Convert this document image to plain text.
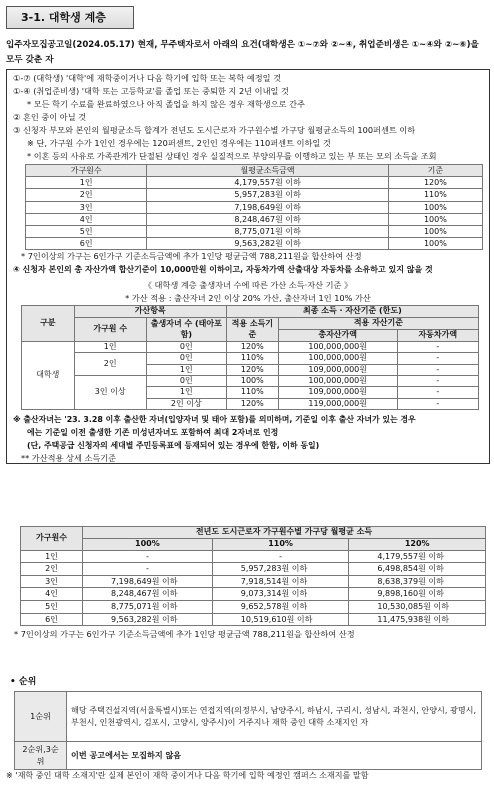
3-1. 대학생 계층
입주자모집공고일(2024.05.17) 현재, 무주택자로서 아래의 요건(대학생은 ①~⑦와 ②~④, 취업준비생은 ①~④와 ②~⑥)을 모두 갖춘 자
①-⑦ (대학생) '대학'에 재학중이거나 다음 학기에 입학 또는 복학 예정일 것
①-④ (취업준비생) '대학 또는 고등학교'를 졸업 또는 중퇴한 지 2년 이내일 것
* 모든 학기 수료를 완료하였으나 아직 졸업을 하지 않은 경우 재학생으로 간주
② 혼인 중이 아닐 것
③ 신청자 부모와 본인의 월평균소득 합계가 전년도 도시근로자 가구원수별 가구당 월평균소득의 100퍼센트 이하
※ 단, 가구원 수가 1인인 경우에는 120퍼센트, 2인인 경우에는 110퍼센트 이하일 것
* 이혼 등의 사유로 가족관계가 단절된 상태인 경우 실질적으로 부양의무를 이행하고 있는 부 또는 모의 소득을 조회
가구원수	월평균소득금액	기준
1인	4,179,557원 이하	120%
2인	5,957,283원 이하	110%
3인	7,198,649원 이하	100%
4인	8,248,467원 이하	100%
5인	8,775,071원 이하	100%
6인	9,563,282원 이하	100%
* 7인이상의 가구는 6인가구 기준소득금액에 추가 1인당 평균금액 788,211원을 합산하여 산정
④ 신청자 본인의 총 자산가액 합산기준이 10,000만원 이하이고, 자동차가액 산출대상 자동차를 소유하고 있지 않을 것
《 대학생 계층 출생자녀 수에 따른 가산 소득·자산 기준 》
* 가산 적용 : 출산자녀 2인 이상 20% 가산, 출산자녀 1인 10% 가산
구분	가산항목		최종 소득 · 자산기준 (한도)		
	가구원 수	출생자녀 수 (태아포함)	적용 소득기준	적용 자산기준	
				총자산가액	자동차가액
대학생	1인	0인	120%	100,000,000원	-
	2인	0인	110%	100,000,000원	-
		1인	120%	109,000,000원	-
	3인 이상	0인	100%	100,000,000원	-
		1인	110%	109,000,000원	-
		2인 이상	120%	119,000,000원	-
※ 출산자녀는 '23. 3.28 이후 출산한 자녀(입양자녀 및 태아 포함)를 의미하며, 기준일 이후 출산 자녀가 있는 경우
에는 기준일 이전 출생한 기존 미성년자녀도 포함하여 최대 2자녀로 인정
(단, 주택공급 신청자의 세대별 주민등록표에 등재되어 있는 경우에 한함, 이하 동일)
** 가산적용 상세 소득기준
가구원수	전년도 도시근로자 가구원수별 가구당 월평균 소득		
	100%	110%	120%
1인	-	-	4,179,557원 이하
2인	-	5,957,283원 이하	6,498,854원 이하
3인	7,198,649원 이하	7,918,514원 이하	8,638,379원 이하
4인	8,248,467원 이하	9,073,314원 이하	9,898,160원 이하
5인	8,775,071원 이하	9,652,578원 이하	10,530,085원 이하
6인	9,563,282원 이하	10,519,610원 이하	11,475,938원 이하
* 7인이상의 가구는 6인가구 기준소득금액에 추가 1인당 평균금액 788,211원을 합산하여 산정
• 순위
1순위	해당 주택건설지역(서울특별시)또는 연접지역(의정부시, 남양주시, 하남시, 구리시, 성남시, 과천시, 안양시, 광명시, 부천시, 인천광역시, 김포시, 고양시, 양주시)이 거주지나 재학 중인 대학 소재지인 자
2순위,3순위	이번 공고에서는 모집하지 않음
※ '재학 중인 대학 소재지'란 실제 본인이 재학 중이거나 다음 학기에 입학 예정인 캠퍼스 소재지를 말함
